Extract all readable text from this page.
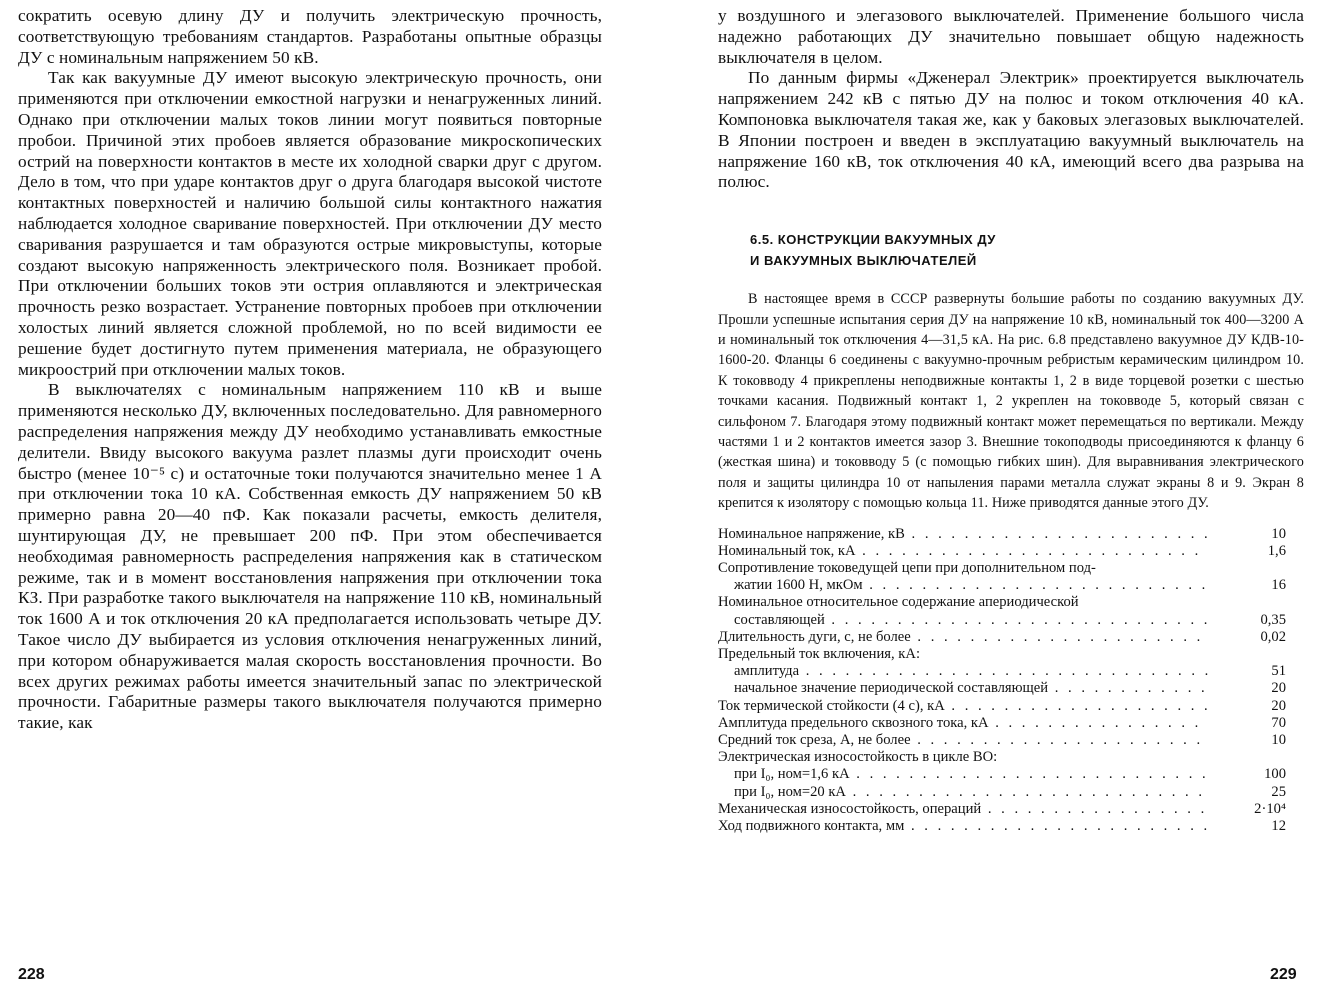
сократить осевую длину ДУ и получить электрическую прочность, соответствующую требованиям стандартов. Разработаны опытные образцы ДУ с номинальным напряжением 50 кВ.

Так как вакуумные ДУ имеют высокую электрическую прочность, они применяются при отключении емкостной нагрузки и ненагруженных линий. Однако при отключении малых токов линии могут появиться повторные пробои. Причиной этих пробоев является образование микроскопических острий на поверхности контактов в месте их холодной сварки друг с другом. Дело в том, что при ударе контактов друг о друга благодаря высокой чистоте контактных поверхностей и наличию большой силы контактного нажатия наблюдается холодное сваривание поверхностей. При отключении ДУ место сваривания разрушается и там образуются острые микровыступы, которые создают высокую напряженность электрического поля. Возникает пробой. При отключении больших токов эти острия оплавляются и электрическая прочность резко возрастает. Устранение повторных пробоев при отключении холостых линий является сложной проблемой, но по всей видимости ее решение будет достигнуто путем применения материала, не образующего микроострий при отключении малых токов.

В выключателях с номинальным напряжением 110 кВ и выше применяются несколько ДУ, включенных последовательно. Для равномерного распределения напряжения между ДУ необходимо устанавливать емкостные делители. Ввиду высокого вакуума разлет плазмы дуги происходит очень быстро (менее 10⁻⁵ с) и остаточные токи получаются значительно менее 1 А при отключении тока 10 кА. Собственная емкость ДУ напряжением 50 кВ примерно равна 20—40 пФ. Как показали расчеты, емкость делителя, шунтирующая ДУ, не превышает 200 пФ. При этом обеспечивается необходимая равномерность распределения напряжения как в статическом режиме, так и в момент восстановления напряжения при отключении тока КЗ. При разработке такого выключателя на напряжение 110 кВ, номинальный ток 1600 А и ток отключения 20 кА предполагается использовать четыре ДУ. Такое число ДУ выбирается из условия отключения ненагруженных линий, при котором обнаруживается малая скорость восстановления прочности. Во всех других режимах работы имеется значительный запас по электрической прочности. Габаритные размеры такого выключателя получаются примерно такие, как

228

у воздушного и элегазового выключателей. Применение большого числа надежно работающих ДУ значительно повышает общую надежность выключателя в целом.

По данным фирмы «Дженерал Электрик» проектируется выключатель напряжением 242 кВ с пятью ДУ на полюс и током отключения 40 кА. Компоновка выключателя такая же, как у баковых элегазовых выключателей. В Японии построен и введен в эксплуатацию вакуумный выключатель на напряжение 160 кВ, ток отключения 40 кА, имеющий всего два разрыва на полюс.

6.5. КОНСТРУКЦИИ ВАКУУМНЫХ ДУ
И ВАКУУМНЫХ ВЫКЛЮЧАТЕЛЕЙ

В настоящее время в СССР развернуты большие работы по созданию вакуумных ДУ. Прошли успешные испытания серия ДУ на напряжение 10 кВ, номинальный ток 400—3200 А и номинальный ток отключения 4—31,5 кА. На рис. 6.8 представлено вакуумное ДУ КДВ-10-1600-20. Фланцы 6 соединены с вакуумно-прочным ребристым керамическим цилиндром 10. К токовводу 4 прикреплены неподвижные контакты 1, 2 в виде торцевой розетки с шестью точками касания. Подвижный контакт 1, 2 укреплен на токовводе 5, который связан с сильфоном 7. Благодаря этому подвижный контакт может перемещаться по вертикали. Между частями 1 и 2 контактов имеется зазор 3. Внешние токоподводы присоединяются к фланцу 6 (жесткая шина) и токовводу 5 (с помощью гибких шин). Для выравнивания электрического поля и защиты цилиндра 10 от напыления парами металла служат экраны 8 и 9. Экран 8 крепится к изолятору с помощью кольца 11. Ниже приводятся данные этого ДУ.

Номинальное напряжение, кВ . . .	10
Номинальный ток, кА . . .	1,6
Сопротивление токоведущей цепи при дополнительном под-
жатии 1600 Н, мкОм . . .	16
Номинальное относительное содержание апериодической
составляющей . . .	0,35
Длительность дуги, с, не более . . .	0,02
Предельный ток включения, кА:
амплитуда . . .	51
начальное значение периодической составляющей . . .	20
Ток термической стойкости (4 с), кА . . .	20
Амплитуда предельного сквозного тока, кА . . .	70
Средний ток среза, А, не более . . .	10
Электрическая износостойкость в цикле ВО:
при I₀, ном=1,6 кА . . .	100
при I₀, ном=20 кА . . .	25
Механическая износостойкость, операций . . .	2·10⁴
Ход подвижного контакта, мм . . .	12
229
